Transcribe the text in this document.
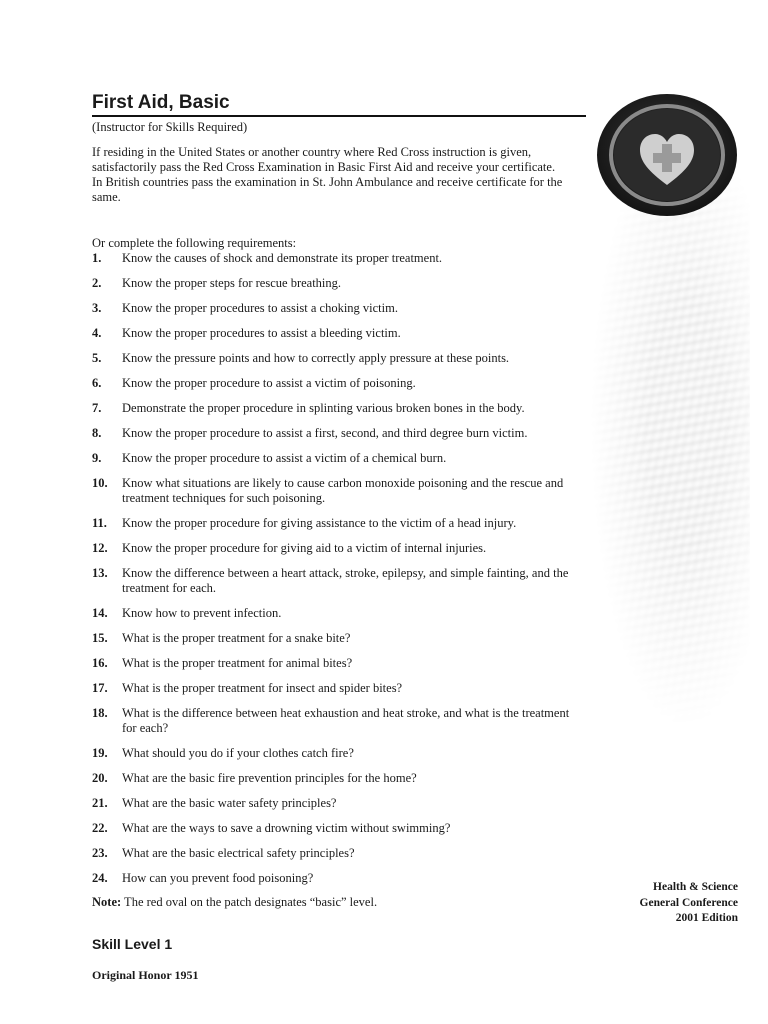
First Aid, Basic
(Instructor for Skills Required)

If residing in the United States or another country where Red Cross instruction is given, satisfactorily pass the Red Cross Examination in Basic First Aid and receive your certificate.

In British countries pass the examination in St. John Ambulance and receive certificate for the same.

Or complete the following requirements:
1.	Know the causes of shock and demonstrate its proper treatment.
2.	Know the proper steps for rescue breathing.
3.	Know the proper procedures to assist a choking victim.
4.	Know the proper procedures to assist a bleeding victim.
5.	Know the pressure points and how to correctly apply pressure at these points.
6.	Know the proper procedure to assist a victim of poisoning.
7.	Demonstrate the proper procedure in splinting various broken bones in the body.
8.	Know the proper procedure to assist a first, second, and third degree burn victim.
9.	Know the proper procedure to assist a victim of a chemical burn.
10.	Know what situations are likely to cause carbon monoxide poisoning and the rescue and treatment techniques for such poisoning.
11.	Know the proper procedure for giving assistance to the victim of a head injury.
12.	Know the proper procedure for giving aid to a victim of internal injuries.
13.	Know the difference between a heart attack, stroke, epilepsy, and simple fainting, and the treatment for each.
14.	Know how to prevent infection.
15.	What is the proper treatment for a snake bite?
16.	What is the proper treatment for animal bites?
17.	What is the proper treatment for insect and spider bites?
18.	What is the difference between heat exhaustion and heat stroke, and what is the treatment for each?
19.	What should you do if your clothes catch fire?
20.	What are the basic fire prevention principles for the home?
21.	What are the basic water safety principles?
22.	What are the ways to save a drowning victim without swimming?
23.	What are the basic electrical safety principles?
24.	How can you prevent food poisoning?
Note: The red oval on the patch designates “basic” level.
Skill Level 1
Original Honor 1951
Health & Science
General Conference
2001 Edition
